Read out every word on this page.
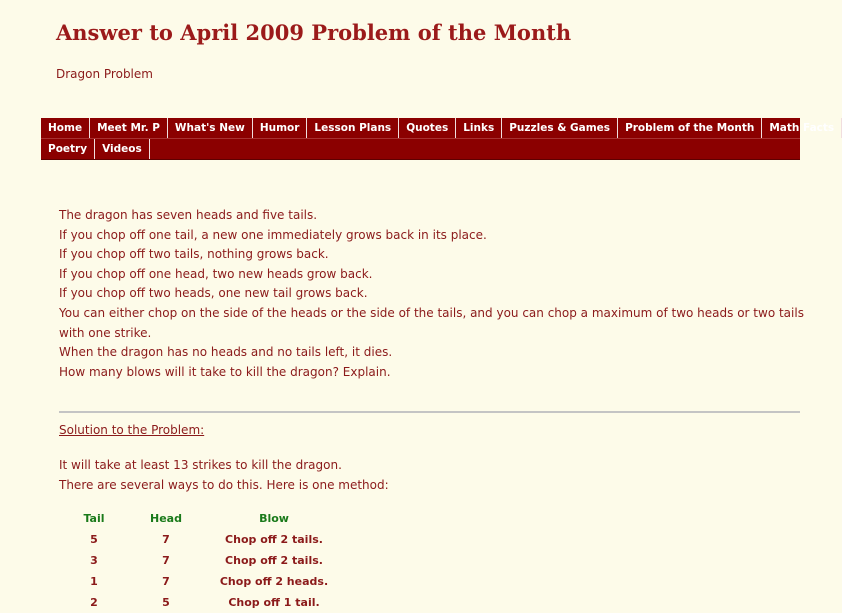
Answer to April 2009 Problem of the Month
Dragon Problem
Home	Meet Mr. P	What's New	Humor	Lesson Plans	Quotes	Links	Puzzles & Games	Problem of the Month	Math Facts
Poetry	Videos

The dragon has seven heads and five tails.

If you chop off one tail, a new one immediately grows back in its place.

If you chop off two tails, nothing grows back.

If you chop off one head, two new heads grow back.

If you chop off two heads, one new tail grows back.

You can either chop on the side of the heads or the side of the tails, and you can chop a maximum of two heads or two tails

with one strike.

When the dragon has no heads and no tails left, it dies.

How many blows will it take to kill the dragon? Explain.

Solution to the Problem:

It will take at least 13 strikes to kill the dragon.

There are several ways to do this. Here is one method:

Tail	Head	Blow
5	7	Chop off 2 tails.
3	7	Chop off 2 tails.
1	7	Chop off 2 heads.
2	5	Chop off 1 tail.
